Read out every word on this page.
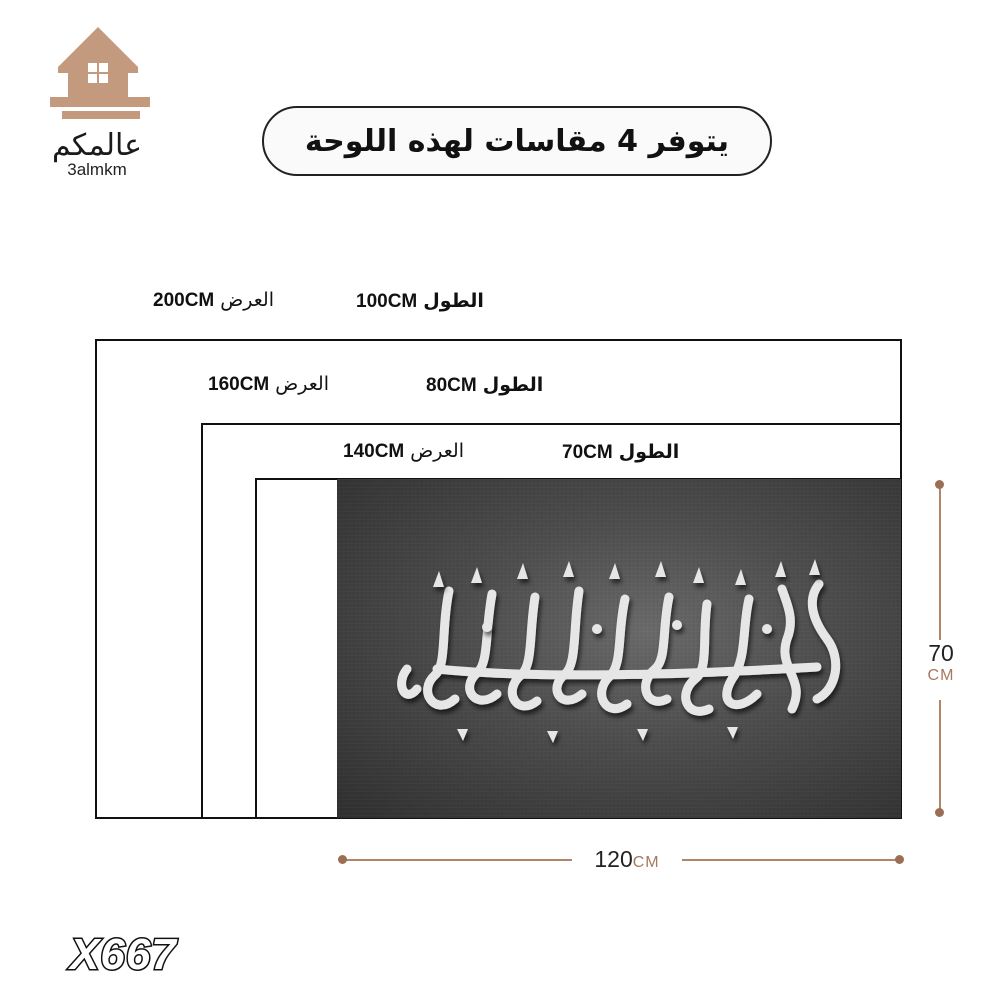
عالمكم
3almkm
يتوفر 4 مقاسات لهذه اللوحة
200CM العرض	100CM الطول
160CM العرض	80CM الطول
140CM العرض	70CM الطول
120CM
70
CM
X667
